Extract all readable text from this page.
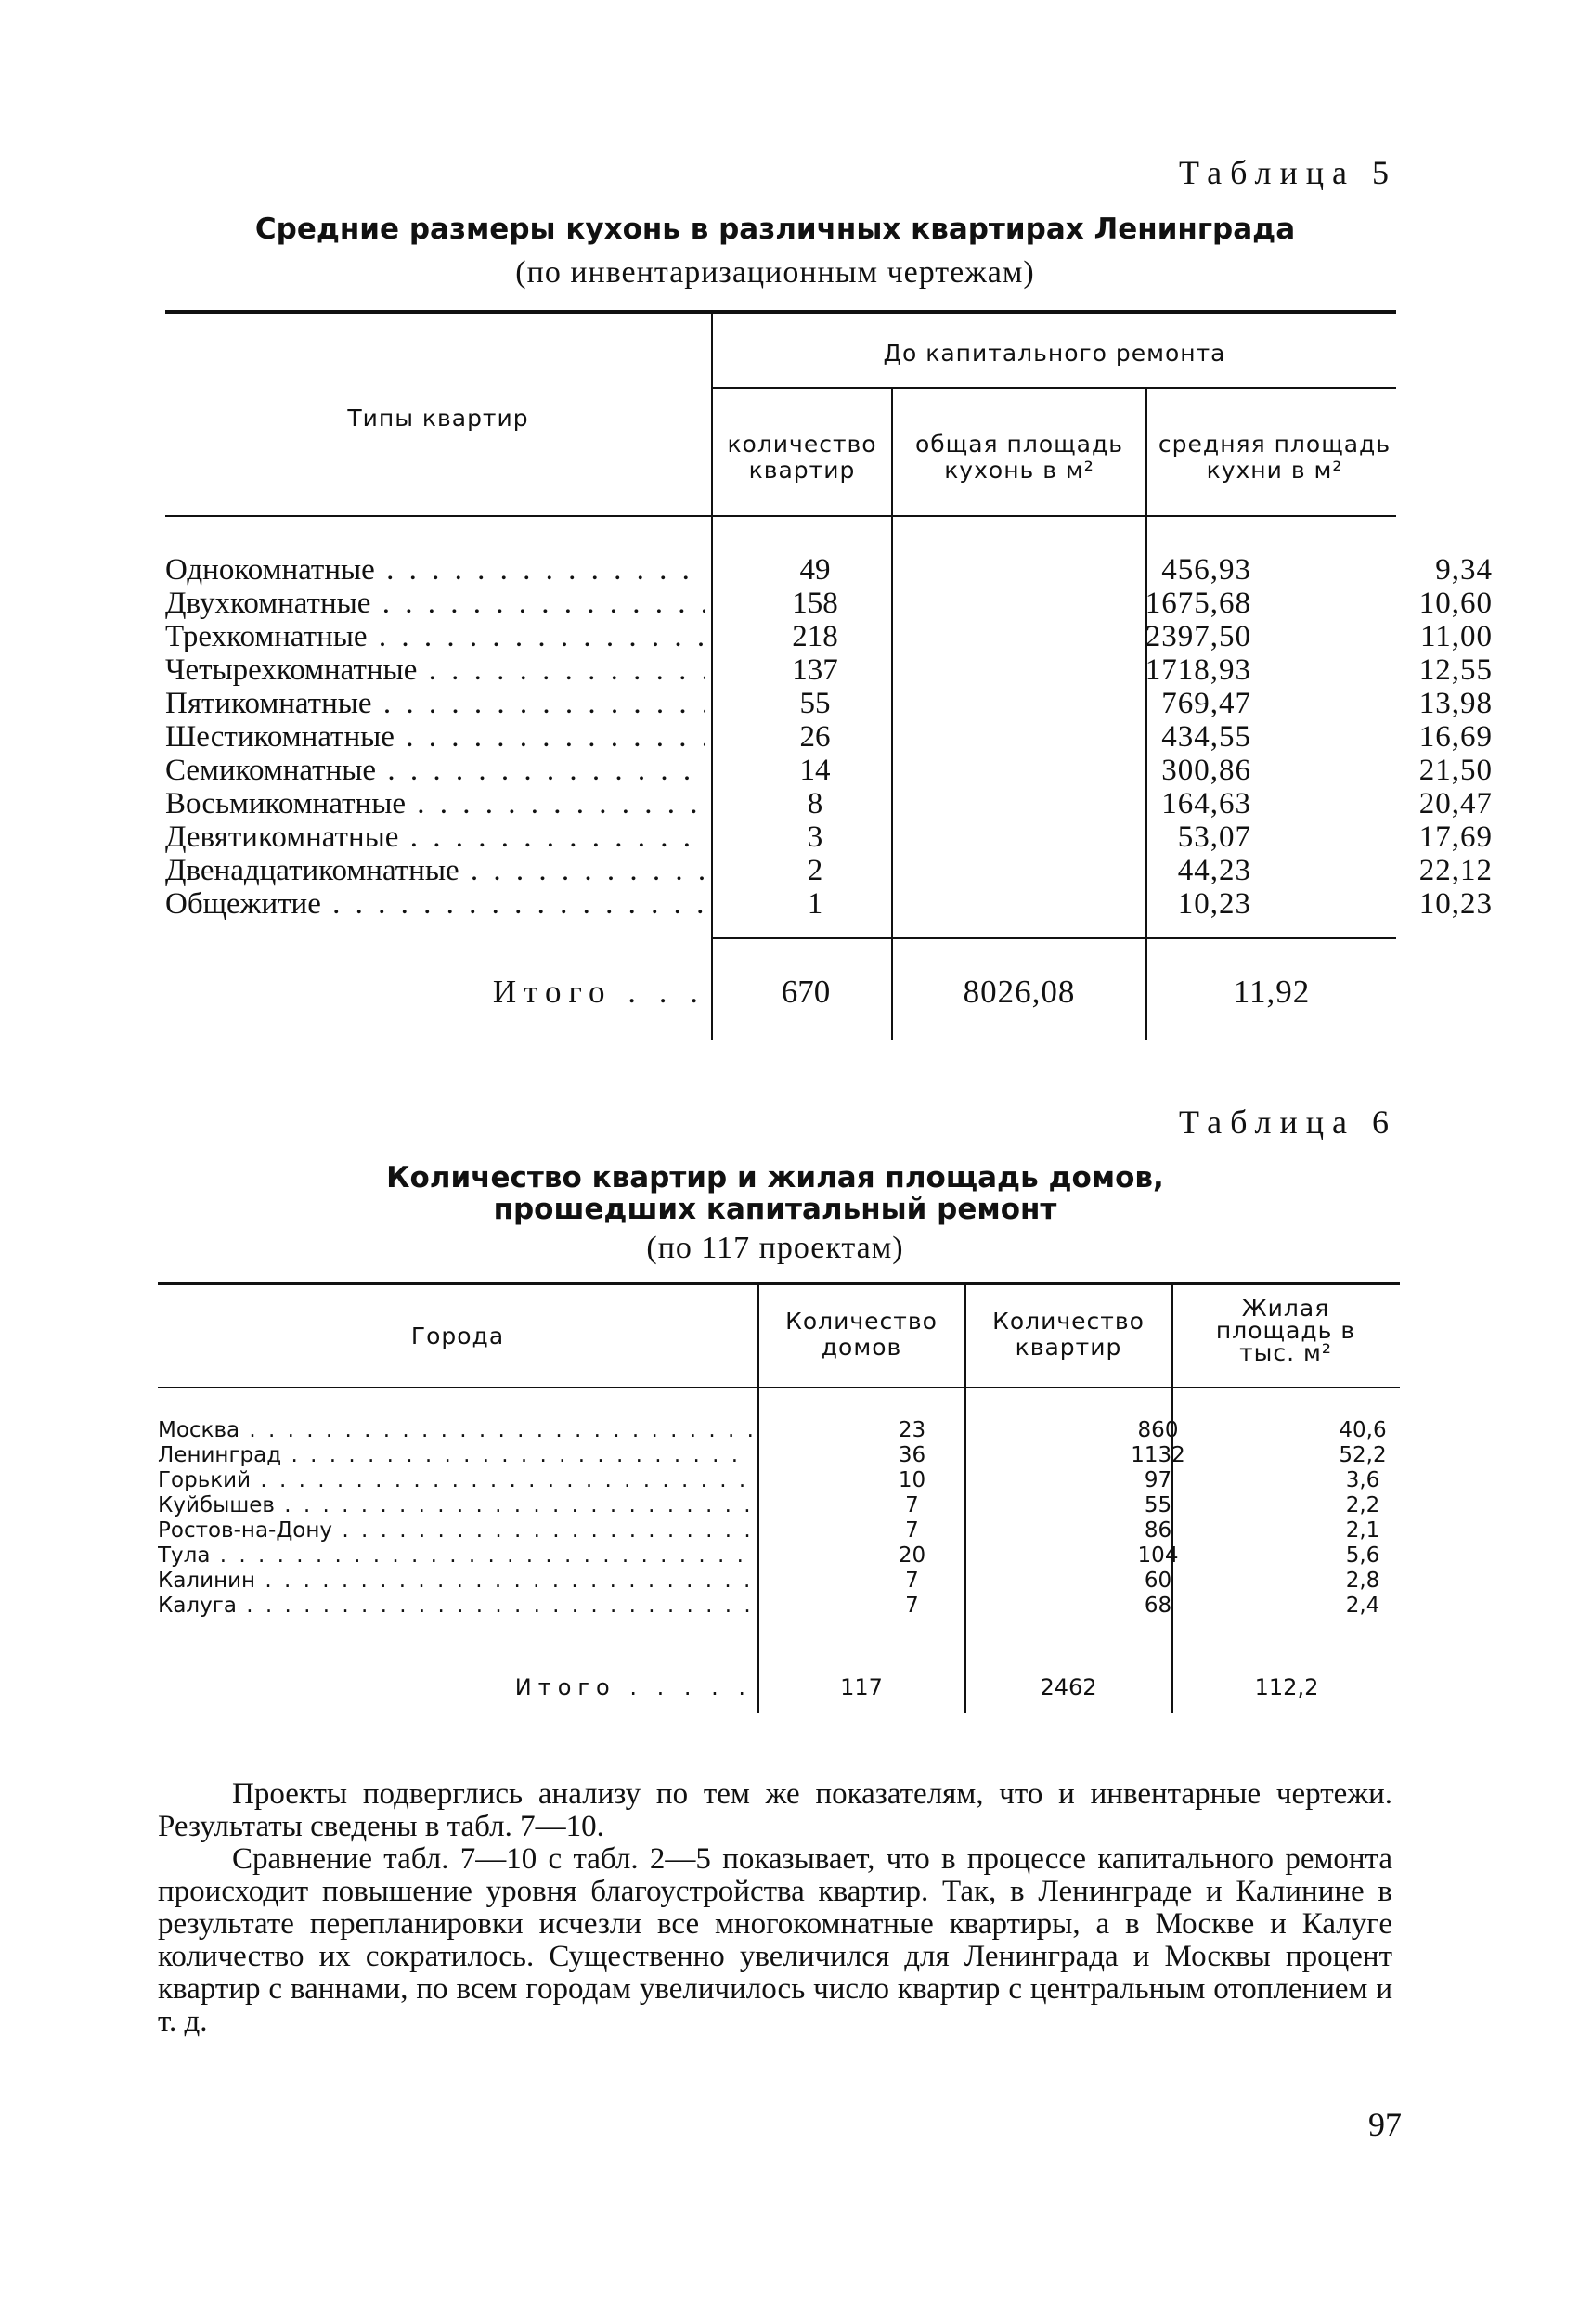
Таблица 5
Средние размеры кухонь в различных квартирах Ленинграда
(по инвентаризационным чертежам)
Типы квартир
До капитального ремонта
количество квартир
общая площадь кухонь в м²
средняя площадь кухни в м²
Однокомнатные . . .	49	456,93	9,34
Двухкомнатные . . .	158	1675,68	10,60
Трехкомнатные . . .	218	2397,50	11,00
Четырехкомнатные . . .	137	1718,93	12,55
Пятикомнатные . . .	55	769,47	13,98
Шестикомнатные . . .	26	434,55	16,69
Семикомнатные . . .	14	300,86	21,50
Восьмикомнатные . . .	8	164,63	20,47
Девятикомнатные . . .	3	53,07	17,69
Двенадцатикомнатные . . .	2	44,23	22,12
Общежитие . . .	1	10,23	10,23
Итого . . .	670	8026,08	11,92
Таблица 6
Количество квартир и жилая площадь домов,
прошедших капитальный ремонт
(по 117 проектам)
Города
Количество домов
Количество квартир
Жилая площадь в тыс. м²
Москва . . .	23	860	40,6
Ленинград . . .	36	1132	52,2
Горький . . .	10	97	3,6
Куйбышев . . .	7	55	2,2
Ростов-на-Дону . . .	7	86	2,1
Тула . . .	20	104	5,6
Калинин . . .	7	60	2,8
Калуга . . .	7	68	2,4
Итого . . . . .	117	2462	112,2

Проекты подверглись анализу по тем же показателям, что и инвентарные чертежи. Результаты сведены в табл. 7—10.

Сравнение табл. 7—10 с табл. 2—5 показывает, что в процессе капитального ремонта происходит повышение уровня благоустройства квартир. Так, в Ленинграде и Калинине в результате перепланировки исчезли все многокомнатные квартиры, а в Москве и Калуге количество их сократилось. Существенно увеличился для Ленинграда и Москвы процент квартир с ваннами, по всем городам увеличилось число квартир с центральным отоплением и т. д.

97
